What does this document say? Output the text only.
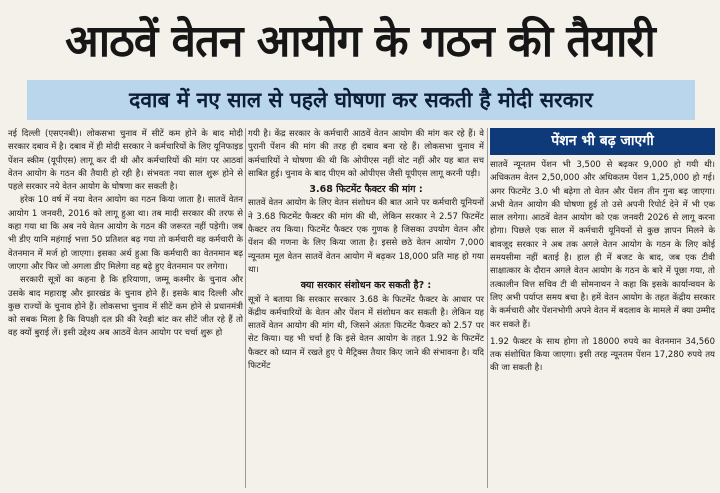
आठवें वेतन आयोग के गठन की तैयारी
दवाब में नए साल से पहले घोषणा कर सकती है मोदी सरकार

नई दिल्ली (एसएनबी)। लोकसभा चुनाव में सीटें कम होने के बाद मोदी सरकार दबाव में है। दबाव में ही मोदी सरकार ने कर्मचारियों के लिए यूनिफाइड पेंशन स्कीम (यूपीएस) लागू कर दी थी और कर्मचारियों की मांग पर आठवां वेतन आयोग के गठन की तैयारी हो रही है। संभवतः नया साल शुरू होने से पहले सरकार नये वेतन आयोग के घोषणा कर सकती है।

हरेक 10 वर्ष में नया वेतन आयोग का गठन किया जाता है। सातवें वेतन आयोग 1 जनवरी, 2016 को लागू हुआ था। तब मादी सरकार की तरफ से कहा गया था कि अब नये वेतन आयोग के गठन की जरूरत नहीं पड़ेगी। जब भी डीए यानि महंगाई भत्ता 50 प्रतिशत बढ़ गया तो कर्मचारी वह कर्मचारी के वेतनमान में मर्ज हो जाएगा। इसका अर्थ हुआ कि कर्मचारी का वेतनमान बढ़ जाएगा और फिर जो अगला डीए मिलेगा वह बढ़े हुए वेतनमान पर लगेगा।

सरकारी सूत्रों का कहना है कि हरियाणा, जम्मू कश्मीर के चुनाव और उसके बाद महाराष्ट्र और झारखंड के चुनाव होने हैं। इसके बाद दिल्ली और कुछ राज्यों के चुनाव होने हैं। लोकसभा चुनाव में सीटें कम होने से प्रधानमंत्री को सबक मिला है कि विपक्षी दल फ्री की रेवड़ी बांट कर सीटें जीत रहे हैं तो वह क्यों बुराई लें। इसी उद्देश्य अब आठवें वेतन आयोग पर चर्चा शुरू हो

गयी है। केंद्र सरकार के कर्मचारी आठवें वेतन आयोग की मांग कर रहे हैं। वे पुरानी पेंशन की मांग की तरह ही दबाव बना रहे हैं। लोकसभा चुनाव में कर्मचारियों ने घोषणा की थी कि ओपीएस नहीं वोट नहीं और यह बात सच साबित हुई। चुनाव के बाद पीएम को ओपीएस जैसी यूपीएस लागू करनी पड़ी।

3.68 फिटमेंट फैक्टर की मांग :

सातवें वेतन आयोग के लिए वेतन संशोधन की बात आने पर कर्मचारी यूनियनों ने 3.68 फिटमेंट फैक्टर की मांग की थी, लेकिन सरकार ने 2.57 फिटमेंट फैक्टर तय किया। फिटमेंट फैक्टर एक गुणक है जिसका उपयोग वेतन और पेंशन की गणना के लिए किया जाता है। इससे छठे वेतन आयोग 7,000 न्यूनतम मूल वेतन सातवें वेतन आयोग में बढ़कर 18,000 प्रति माह हो गया था।

क्या सरकार संशोधन कर सकती है? :

सूत्रों ने बताया कि सरकार सरकार 3.68 के फिटमेंट फैक्टर के आधार पर केंद्रीय कर्मचारियों के वेतन और पेंशन में संशोधन कर सकती है। लेकिन यह सातवें वेतन आयोग की मांग थी, जिसने अंततः फिटमेंट फैक्टर को 2.57 पर सेट किया। यह भी चर्चा है कि इसे वेतन आयोग के तहत 1.92 के फिटमेंट फैक्टर को ध्यान में रखते हुए पे मैट्रिक्स तैयार किए जाने की संभावना है। यदि फिटमेंट

पेंशन भी बढ़ जाएगी

सातवें न्यूनतम पेंशन भी 3,500 से बढ़कर 9,000 हो गयी थी। अधिकतम वेतन 2,50,000 और अधिकतम पेंशन 1,25,000 हो गई। अगर फिटमेंट 3.0 भी बढ़ेगा तो वेतन और पेंशन तीन गुना बढ़ जाएगा। अभी वेतन आयोग की घोषणा हुई तो उसे अपनी रिपोर्ट देने में भी एक साल लगेगा। आठवें वेतन आयोग को एक जनवरी 2026 से लागू करना होगा। पिछले एक साल में कर्मचारी यूनियनों से कुछ ज्ञापन मिलने के बावजूद सरकार ने अब तक अगले वेतन आयोग के गठन के लिए कोई समयसीमा नहीं बताई है। हाल ही में बजट के बाद, जब एक टीवी साक्षात्कार के दौरान अगले वेतन आयोग के गठन के बारे में पूछा गया, तो तत्कालीन वित्त सचिव टी वी सोमनाथन ने कहा कि इसके कार्यान्वयन के लिए अभी पर्याप्त समय बचा है। हमें वेतन आयोग के तहत केंद्रीय सरकार के कर्मचारी और पेंशनभोगी अपने वेतन में बदलाव के मामले में क्या उम्मीद कर सकते हैं।

1.92 फैक्टर के साथ होगा तो 18000 रुपये का वेतनमान 34,560 तक संशोधित किया जाएगा। इसी तरह न्यूनतम पेंशन 17,280 रुपये तय की जा सकती है।
